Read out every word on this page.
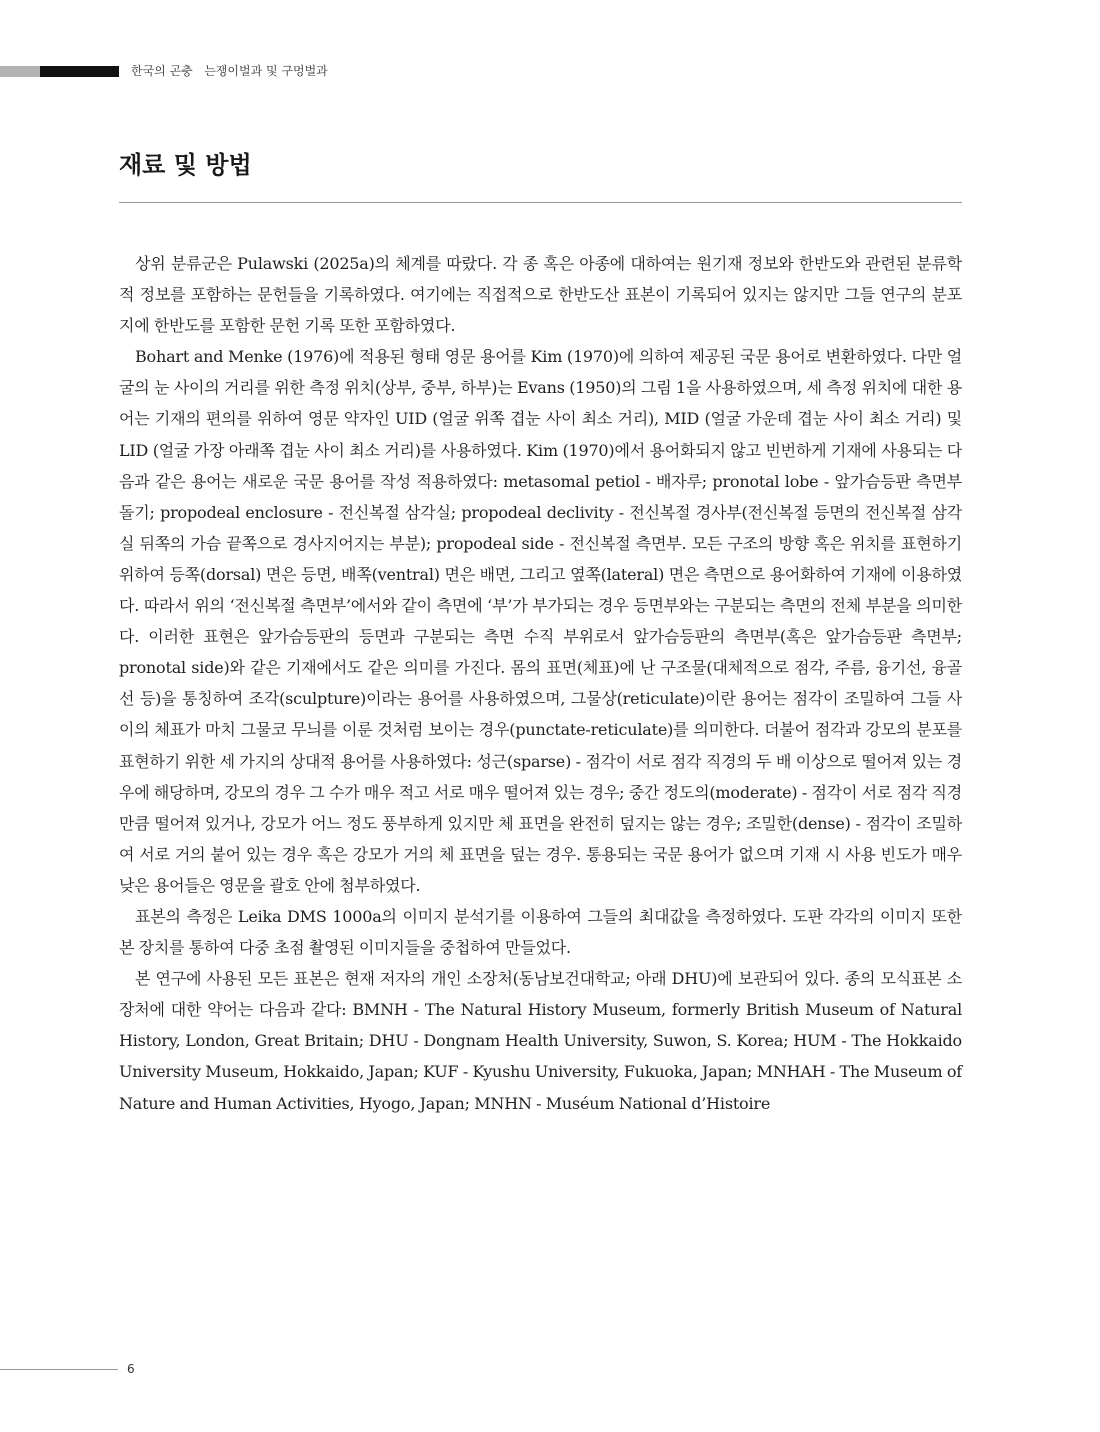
한국의 곤충   는쟁이벌과 및 구멍벌과
재료 및 방법

상위 분류군은 Pulawski (2025a)의 체계를 따랐다. 각 종 혹은 아종에 대하여는 원기재 정보와 한반도와 관련된 분류학적 정보를 포함하는 문헌들을 기록하였다. 여기에는 직접적으로 한반도산 표본이 기록되어 있지는 않지만 그들 연구의 분포지에 한반도를 포함한 문헌 기록 또한 포함하였다.

Bohart and Menke (1976)에 적용된 형태 영문 용어를 Kim (1970)에 의하여 제공된 국문 용어로 변환하였다. 다만 얼굴의 눈 사이의 거리를 위한 측정 위치(상부, 중부, 하부)는 Evans (1950)의 그림 1을 사용하였으며, 세 측정 위치에 대한 용어는 기재의 편의를 위하여 영문 약자인 UID (얼굴 위쪽 겹눈 사이 최소 거리), MID (얼굴 가운데 겹눈 사이 최소 거리) 및 LID (얼굴 가장 아래쪽 겹눈 사이 최소 거리)를 사용하였다. Kim (1970)에서 용어화되지 않고 빈번하게 기재에 사용되는 다음과 같은 용어는 새로운 국문 용어를 작성 적용하였다: metasomal petiol - 배자루; pronotal lobe - 앞가슴등판 측면부 돌기; propodeal enclosure - 전신복절 삼각실; propodeal declivity - 전신복절 경사부(전신복절 등면의 전신복절 삼각실 뒤쪽의 가슴 끝쪽으로 경사지어지는 부분); propodeal side - 전신복절 측면부. 모든 구조의 방향 혹은 위치를 표현하기 위하여 등쪽(dorsal) 면은 등면, 배쪽(ventral) 면은 배면, 그리고 옆쪽(lateral) 면은 측면으로 용어화하여 기재에 이용하였다. 따라서 위의 ‘전신복절 측면부’에서와 같이 측면에 ‘부’가 부가되는 경우 등면부와는 구분되는 측면의 전체 부분을 의미한다. 이러한 표현은 앞가슴등판의 등면과 구분되는 측면 수직 부위로서 앞가슴등판의 측면부(혹은 앞가슴등판 측면부; pronotal side)와 같은 기재에서도 같은 의미를 가진다. 몸의 표면(체표)에 난 구조물(대체적으로 점각, 주름, 융기선, 융골선 등)을 통칭하여 조각(sculpture)이라는 용어를 사용하였으며, 그물상(reticulate)이란 용어는 점각이 조밀하여 그들 사이의 체표가 마치 그물코 무늬를 이룬 것처럼 보이는 경우(punctate-reticulate)를 의미한다. 더불어 점각과 강모의 분포를 표현하기 위한 세 가지의 상대적 용어를 사용하였다: 성근(sparse) - 점각이 서로 점각 직경의 두 배 이상으로 떨어져 있는 경우에 해당하며, 강모의 경우 그 수가 매우 적고 서로 매우 떨어져 있는 경우; 중간 정도의(moderate) - 점각이 서로 점각 직경만큼 떨어져 있거나, 강모가 어느 정도 풍부하게 있지만 체 표면을 완전히 덮지는 않는 경우; 조밀한(dense) - 점각이 조밀하여 서로 거의 붙어 있는 경우 혹은 강모가 거의 체 표면을 덮는 경우. 통용되는 국문 용어가 없으며 기재 시 사용 빈도가 매우 낮은 용어들은 영문을 괄호 안에 첨부하였다.

표본의 측정은 Leika DMS 1000a의 이미지 분석기를 이용하여 그들의 최대값을 측정하였다. 도판 각각의 이미지 또한 본 장치를 통하여 다중 초점 촬영된 이미지들을 중첩하여 만들었다.

본 연구에 사용된 모든 표본은 현재 저자의 개인 소장처(동남보건대학교; 아래 DHU)에 보관되어 있다. 종의 모식표본 소장처에 대한 약어는 다음과 같다: BMNH - The Natural History Museum, formerly British Museum of Natural History, London, Great Britain; DHU - Dongnam Health University, Suwon, S. Korea; HUM - The Hokkaido University Museum, Hokkaido, Japan; KUF - Kyushu University, Fukuoka, Japan; MNHAH - The Museum of Nature and Human Activities, Hyogo, Japan; MNHN - Muséum National d’Histoire

6
